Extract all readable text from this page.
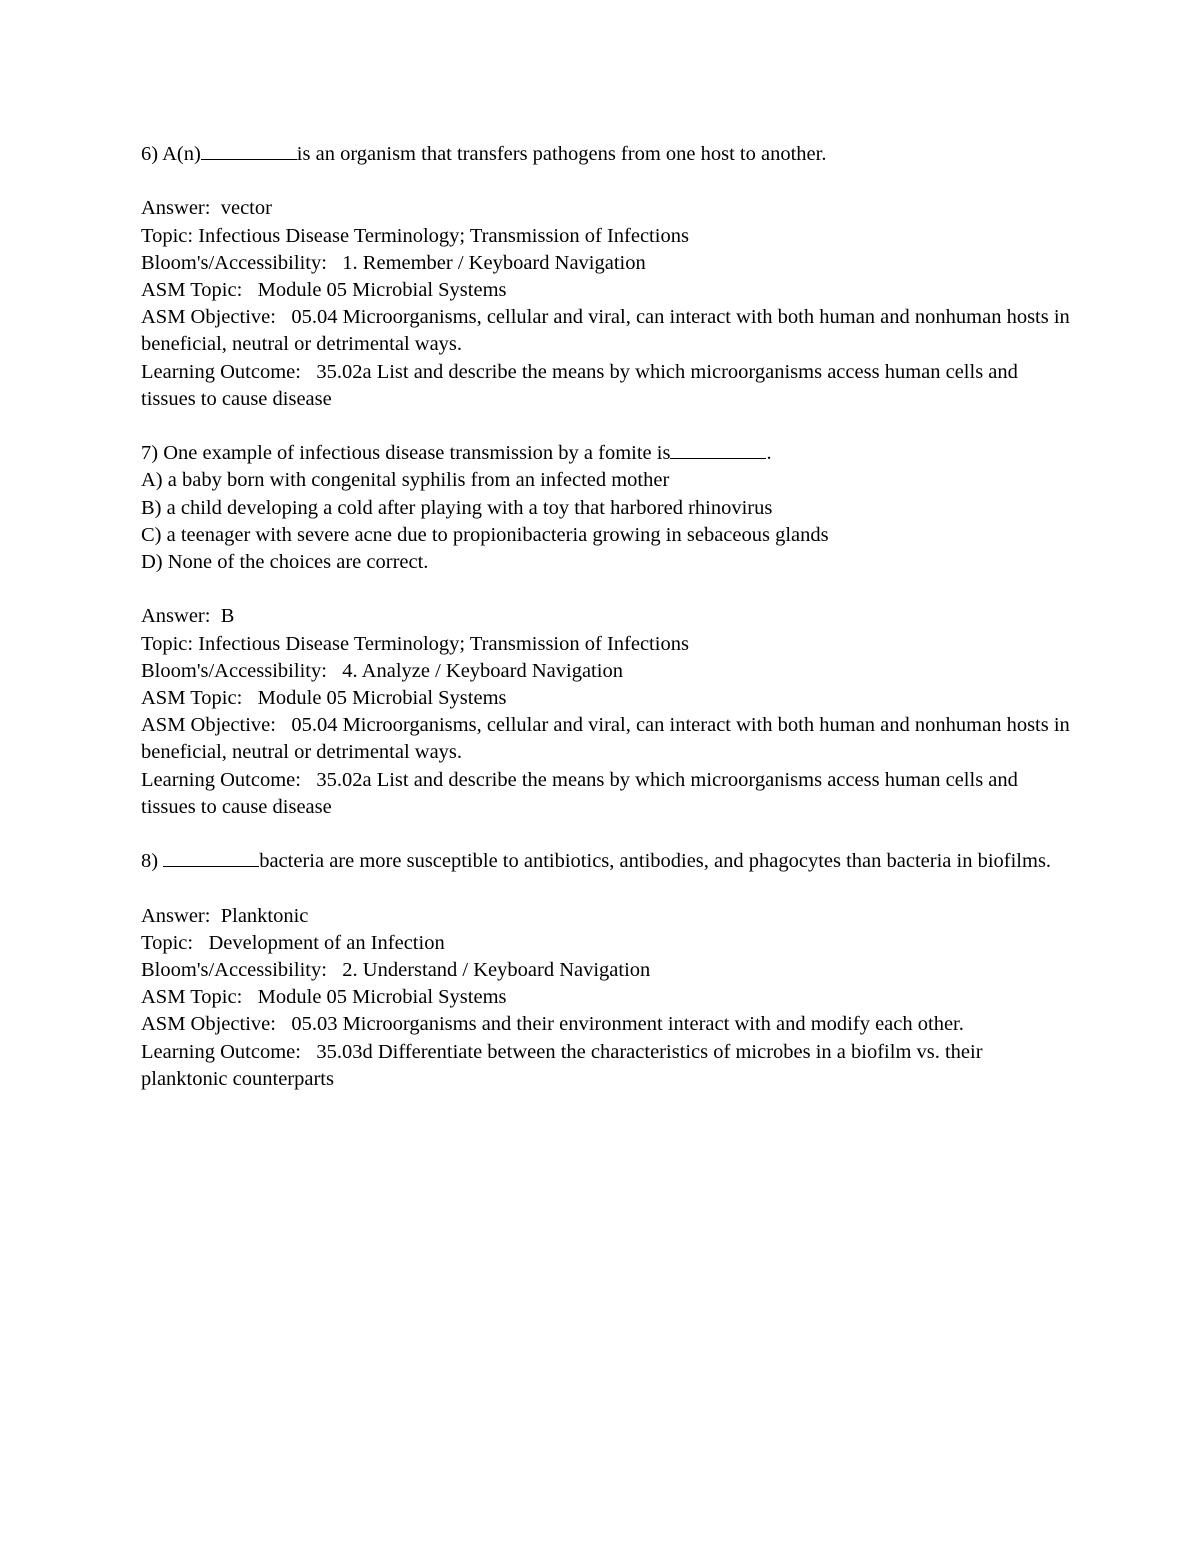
6) A(n)	is an organism that transfers pathogens from one host to another.
Answer: vector
Topic: Infectious Disease Terminology; Transmission of Infections
Bloom's/Accessibility: 1. Remember / Keyboard Navigation
ASM Topic: Module 05 Microbial Systems
ASM Objective: 05.04 Microorganisms, cellular and viral, can interact with both human and nonhuman hosts in beneficial, neutral or detrimental ways.
Learning Outcome: 35.02a List and describe the means by which microorganisms access human cells and tissues to cause disease
7) One example of infectious disease transmission by a fomite is	.
A) a baby born with congenital syphilis from an infected mother
B) a child developing a cold after playing with a toy that harbored rhinovirus
C) a teenager with severe acne due to propionibacteria growing in sebaceous glands
D) None of the choices are correct.
Answer: B
Topic: Infectious Disease Terminology; Transmission of Infections
Bloom's/Accessibility: 4. Analyze / Keyboard Navigation
ASM Topic: Module 05 Microbial Systems
ASM Objective: 05.04 Microorganisms, cellular and viral, can interact with both human and nonhuman hosts in beneficial, neutral or detrimental ways.
Learning Outcome: 35.02a List and describe the means by which microorganisms access human cells and tissues to cause disease
8)	bacteria are more susceptible to antibiotics, antibodies, and phagocytes than bacteria in biofilms.
Answer: Planktonic
Topic: Development of an Infection
Bloom's/Accessibility: 2. Understand / Keyboard Navigation
ASM Topic: Module 05 Microbial Systems
ASM Objective: 05.03 Microorganisms and their environment interact with and modify each other.
Learning Outcome: 35.03d Differentiate between the characteristics of microbes in a biofilm vs. their planktonic counterparts
